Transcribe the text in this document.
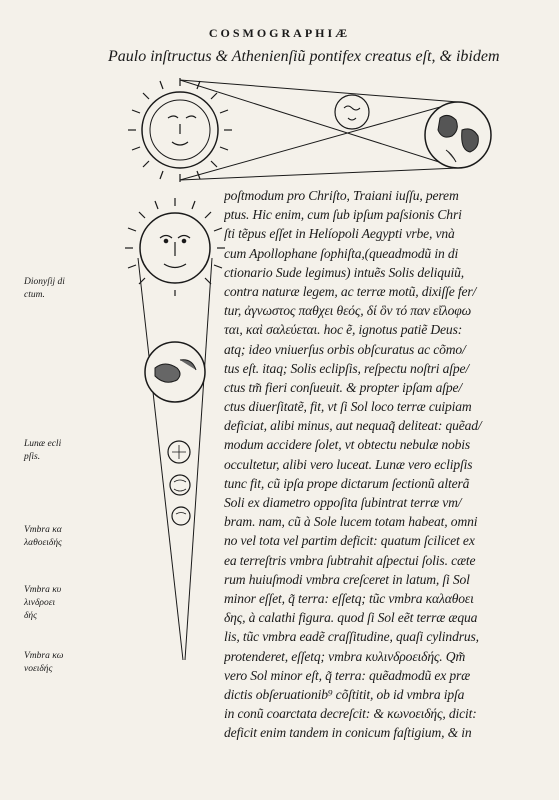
COSMOGRAPHIÆ
Paulo inſtructus & Athenienſiũ pontifex creatus eſt, & ibidem
poſtmodum pro Chriſto, Traiani iuſſu, perem
ptus. Hic enim, cum ſub ipſum paſsionis Chri
ſti tẽpus eſſet in Helíopoli Aegypti vrbe, vnà
cum Apollophane ſophiſta,(queadmodũ in di
ctionario Sude legimus) intuẽs Solis deliquiũ,
contra naturæ legem, ac terræ motũ, dixiſſe fer/
tur, ἀγνωστος παθχει θεός, δί ὃν τό παν εἴλοφω
ται, καὶ σαλεύεται. hoc ẽ, ignotus patiẽ Deus:
atq; ideo vniuerſus orbis obſcuratus ac cõmo/
tus eſt. itaq; Solis eclipſis, reſpectu noſtri aſpe/
ctus tm̃ fieri conſueuit. & propter ipſam aſpe/
ctus diuerſitatẽ, fit, vt ſi Sol loco terræ cuipiam
deficiat, alibi minus, aut nequaq̃ deliteat: quẽad/
modum accidere ſolet, vt obtectu nebulæ nobis
occultetur, alibi vero luceat. Lunæ vero eclipſis
tunc fit, cũ ipſa prope dictarum ſectionũ alterã
Soli ex diametro oppoſita ſubintrat terræ vm/
bram. nam, cũ à Sole lucem totam habeat, omni
no vel tota vel partim deficit: quatum ſcilicet ex
ea terreſtris vmbra ſubtrahit aſpectui ſolis. cæte
rum huiuſmodi vmbra creſceret in latum, ſi Sol
minor eſſet, q̃ terra: eſſetq; tũc vmbra καλαθοει
δης, à calathi figura. quod ſi Sol eẽt terræ æqua
lis, tũc vmbra eadẽ craſſitudine, quaſi cylindrus,
protenderet, eſſetq; vmbra κυλινδροειδής. Qm̃
vero Sol minor eſt, q̃ terra: quẽadmodũ ex præ
dictis obſeruationib⁹ cõſtitit, ob id vmbra ipſa
in conũ coarctata decreſcit: & κωνοειδής, dicit:
deficit enim tandem in conicum faſtigium, & in
Dionyſij di
ctum.
Lunæ ecli
pſis.
Vmbra κα
λαθοειδής
Vmbra κυ
λινδροει
δής
Vmbra κω
νοειδής
